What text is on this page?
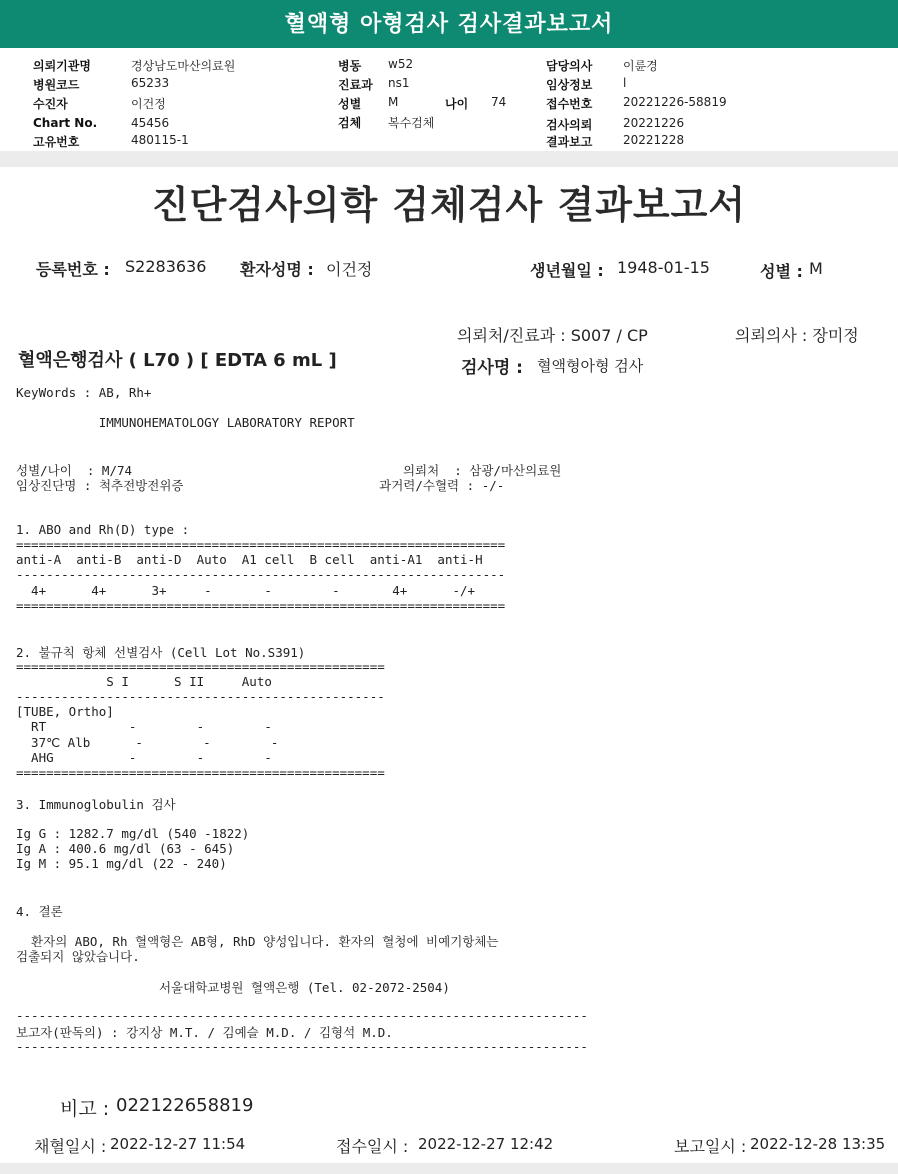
혈액형 아형검사 검사결과보고서
의뢰기관명	경상남도마산의료원
병원코드	65233
수진자	이건정
Chart No.	45456
고유번호	480115-1
병동 w52
진료과 ns1
성별 M	나이 74
검체 복수검체
담당의사	이륜경
임상정보	l
접수번호	20221226-58819
검사의뢰	20221226
결과보고	20221228
진단검사의학 검체검사 결과보고서
등록번호 : S2283636 환자성명 : 이건정	생년월일 : 1948-01-15	성별 : M
의뢰처/진료과 : S007 / CP	의뢰의사 : 장미정
혈액은행검사 ( L70 ) [ EDTA 6 mL ]	검사명 : 혈액형아형 검사
KeyWords : AB, Rh+
IMMUNOHEMATOLOGY LABORATORY REPORT
성별/나이  : M/74                                    의뢰처  : 삼광/마산의료원
임상진단명 : 척추전방전위증                          과거력/수혈력 : -/-
1. ABO and Rh(D) type :
=================================================================
anti-A  anti-B  anti-D  Auto  A1 cell  B cell  anti-A1  anti-H
-----------------------------------------------------------------
4+      4+      3+     -       -        -       4+      -/+
=================================================================
2. 불규칙 항체 선별검사 (Cell Lot No.S391)
=================================================
S I      S II     Auto
-------------------------------------------------
[TUBE, Ortho]
RT           -        -        -
37℃ Alb      -        -        -
AHG          -        -        -
=================================================
3. Immunoglobulin 검사
Ig G : 1282.7 mg/dl (540 -1822)
Ig A : 400.6 mg/dl (63 - 645)
Ig M : 95.1 mg/dl (22 - 240)
4. 결론
환자의 ABO, Rh 혈액형은 AB형, RhD 양성입니다. 환자의 혈청에 비예기항체는
검출되지 않았습니다.
서울대학교병원 혈액은행 (Tel. 02-2072-2504)
----------------------------------------------------------------------------
보고자(판독의) : 강지상 M.T. / 김예슬 M.D. / 김형석 M.D.
----------------------------------------------------------------------------
비고 : 022122658819
채혈일시 : 2022-12-27 11:54	접수일시 : 2022-12-27 12:42	보고일시 : 2022-12-28 13:35
